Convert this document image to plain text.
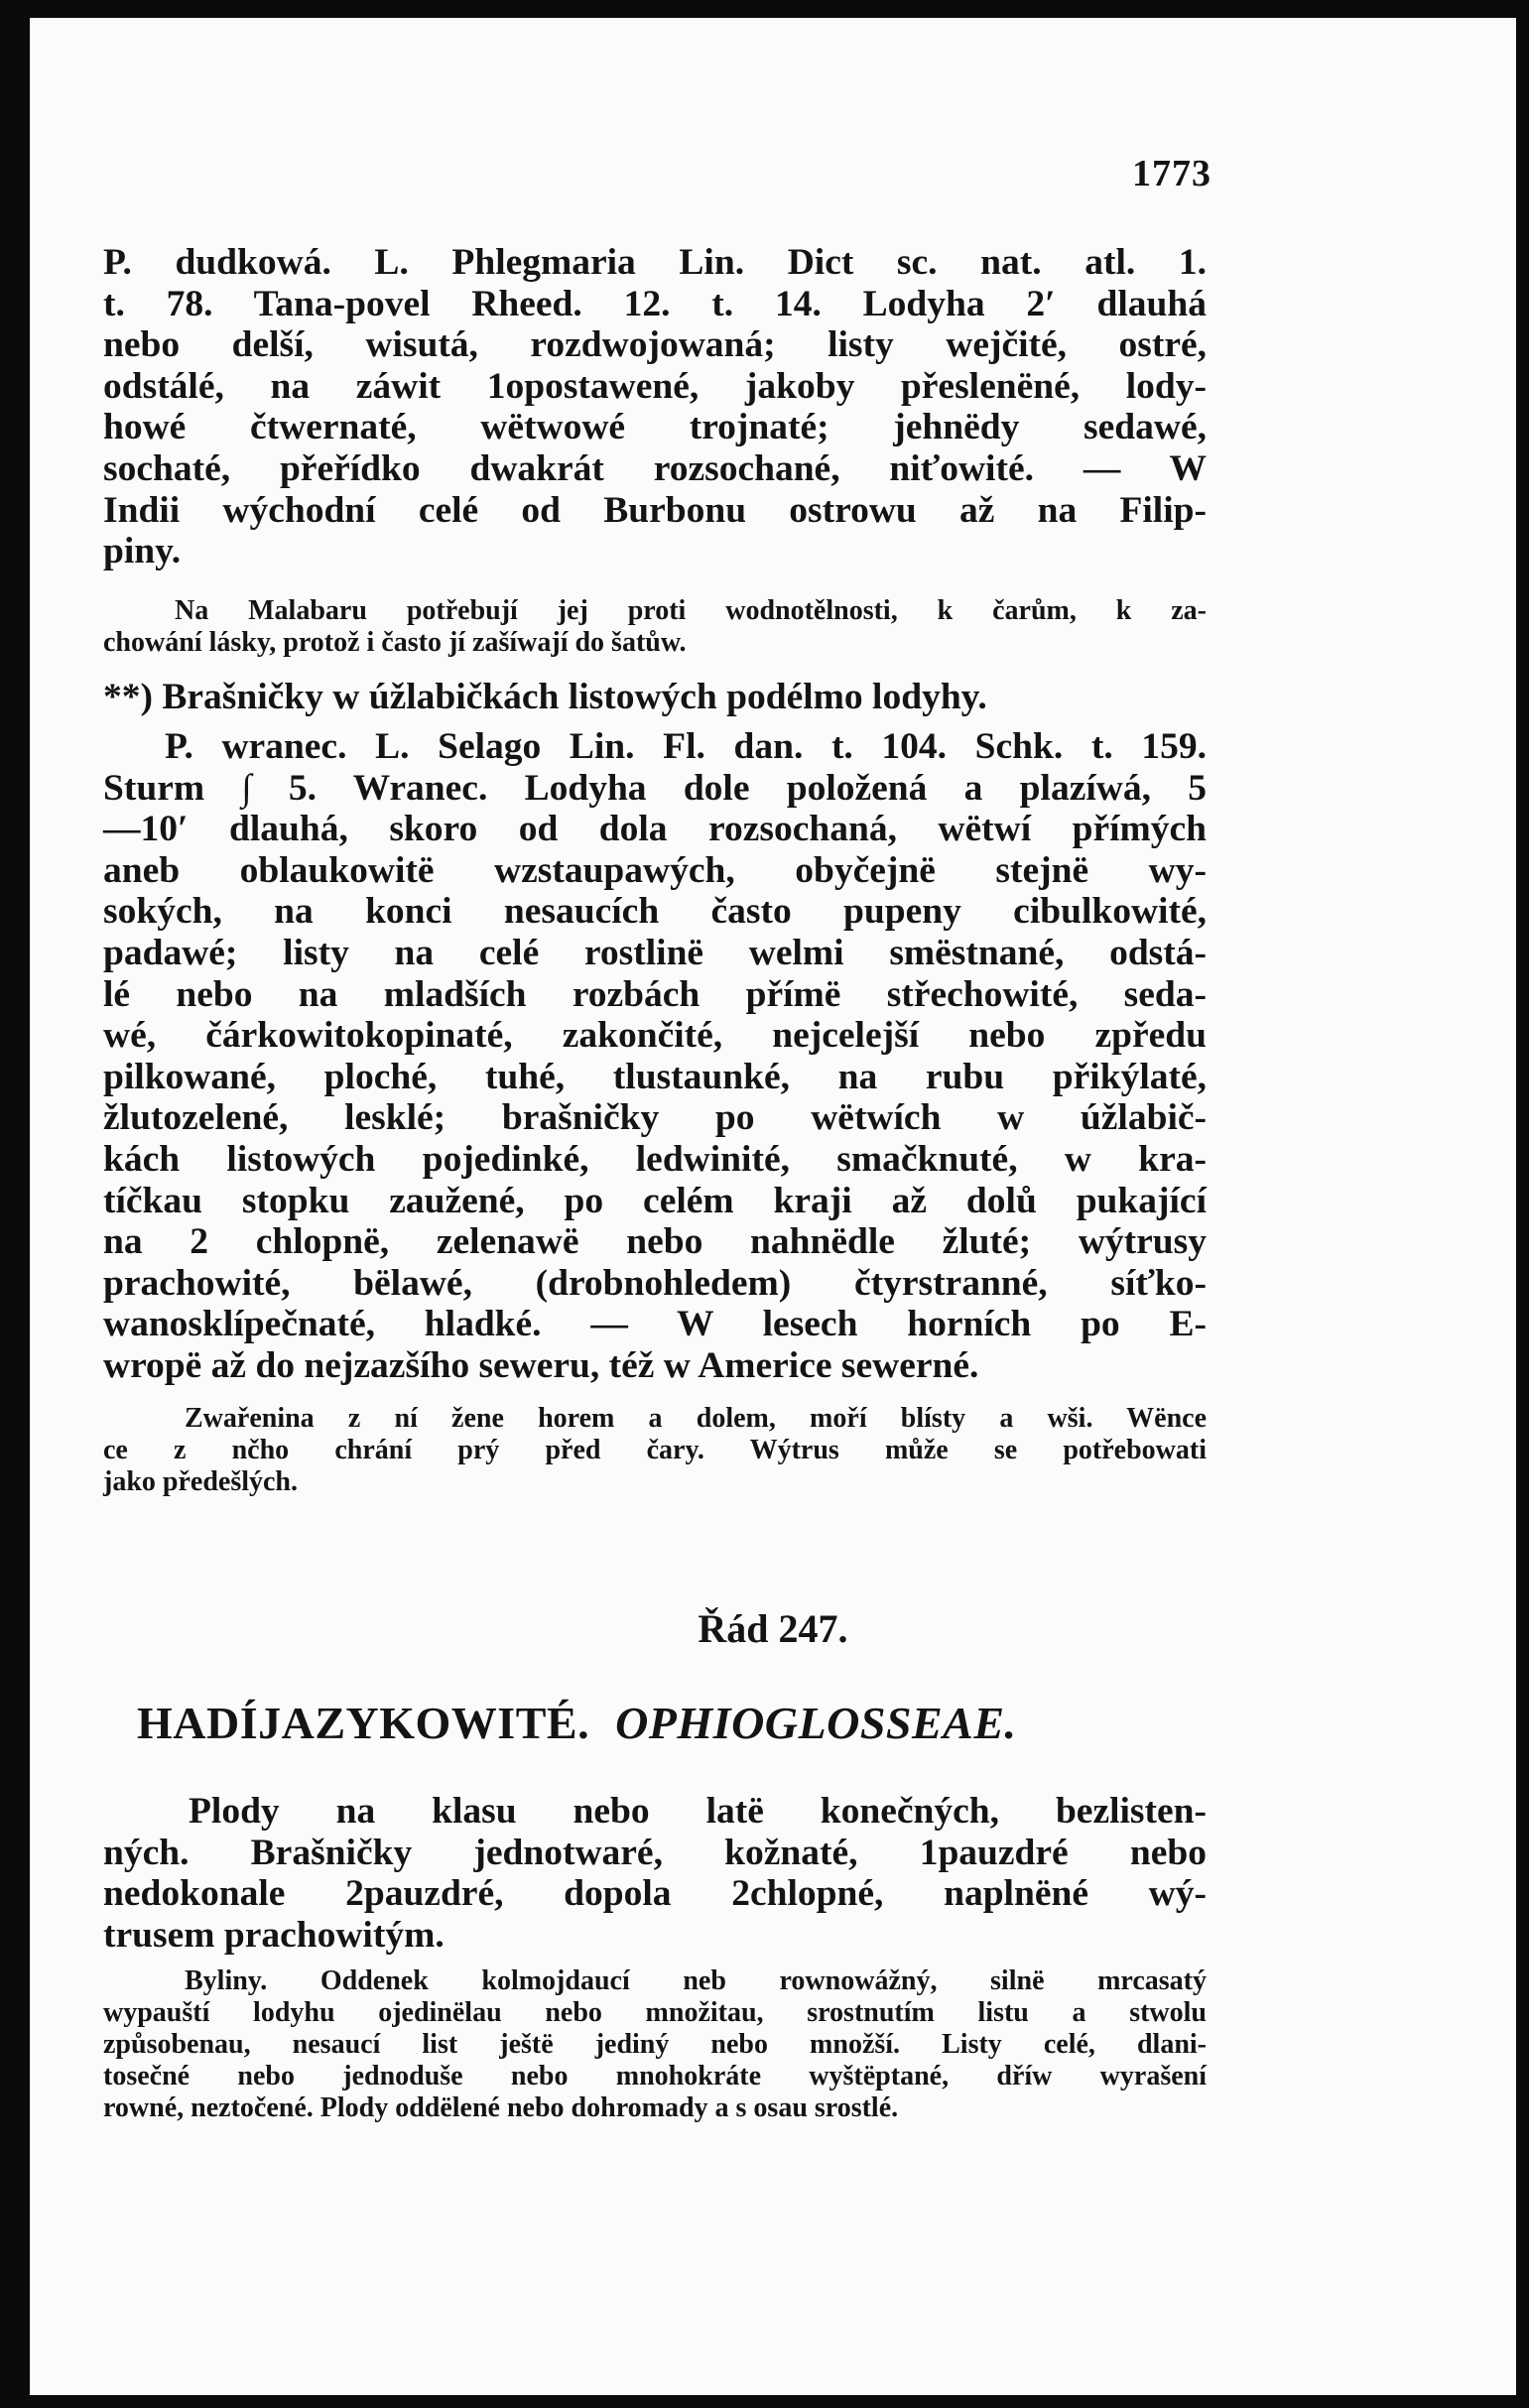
1773
P. dudkowá. L. Phlegmaria Lin. Dict sc. nat. atl. 1.
t. 78. Tana-povel Rheed. 12. t. 14. Lodyha 2′ dlauhá
nebo delší, wisutá, rozdwojowaná; listy wejčité, ostré,
odstálé, na záwit 1opostawené, jakoby přeslenëné, lody-
howé čtwernaté, wëtwowé trojnaté; jehnëdy sedawé,
sochaté, přeřídko dwakrát rozsochané, niťowité. — W
Indii wýchodní celé od Burbonu ostrowu až na Filip-
piny.
Na Malabaru potřebují jej proti wodnotělnosti, k čarům, k za-
chowání lásky, protož i často jí zašíwají do šatůw.
**) Brašničky w úžlabičkách listowých podélmo lodyhy.
P. wranec. L. Selago Lin. Fl. dan. t. 104. Schk. t. 159.
Sturm ∫ 5. Wranec. Lodyha dole položená a plazíwá, 5
—10′ dlauhá, skoro od dola rozsochaná, wëtwí přímých
aneb oblaukowitë wzstaupawých, obyčejnë stejnë wy-
sokých, na konci nesaucích často pupeny cibulkowité,
padawé; listy na celé rostlinë welmi smëstnané, odstá-
lé nebo na mladších rozbách přímë střechowité, seda-
wé, čárkowitokopinaté, zakončité, nejcelejší nebo zpředu
pilkowané, ploché, tuhé, tlustaunké, na rubu přikýlaté,
žlutozelené, lesklé; brašničky po wëtwích w úžlabič-
kách listowých pojedinké, ledwinité, smačknuté, w kra-
tíčkau stopku zaužené, po celém kraji až dolů pukající
na 2 chlopnë, zelenawë nebo nahnëdle žluté; wýtrusy
prachowité, bëlawé, (drobnohledem) čtyrstranné, síťko-
wanosklípečnaté, hladké. — W lesech horních po E-
wropë až do nejzazšího seweru, též w Americe sewerné.
Zwařenina z ní žene horem a dolem, moří blísty a wši. Wënce
ce z nčho chrání prý před čary. Wýtrus může se potřebowati
jako předešlých.
Řád 247.
HADÍJAZYKOWITÉ. OPHIOGLOSSEAE.
Plody na klasu nebo latë konečných, bezlisten-
ných. Brašničky jednotwaré, kožnaté, 1pauzdré nebo
nedokonale 2pauzdré, dopola 2chlopné, naplnëné wý-
trusem prachowitým.
Byliny. Oddenek kolmojdaucí neb rownowážný, silnë mrcasatý
wypauští lodyhu ojedinëlau nebo množitau, srostnutím listu a stwolu
způsobenau, nesaucí list ještë jediný nebo množší. Listy celé, dlani-
tosečné nebo jednoduše nebo mnohokráte wyštëptané, dříw wyrašení
rowné, neztočené. Plody oddëlené nebo dohromady a s osau srostlé.
